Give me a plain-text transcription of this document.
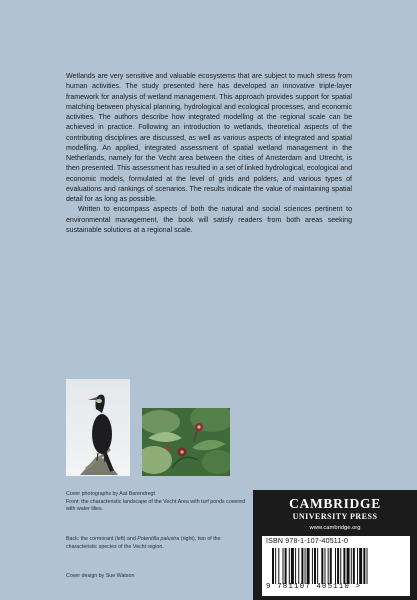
Wetlands are very sensitive and valuable ecosystems that are subject to much stress from human activities. The study presented here has developed an innovative triple-layer framework for analysis of wetland management. This approach provides support for spatial matching between physical planning, hydrological and ecological processes, and economic activities. The authors describe how integrated modelling at the regional scale can be achieved in practice. Following an introduction to wetlands, theoretical aspects of the contributing disciplines are discussed, as well as various aspects of integrated and spatial modelling. An applied, integrated assessment of spatial wetland management in the Netherlands, namely for the Vecht area between the cities of Amsterdam and Utrecht, is then presented. This assessment has resulted in a set of linked hydrological, ecological and economic models, formulated at the level of grids and polders, and various types of evaluations and rankings of scenarios. The results indicate the value of maintaining spatial detail for as long as possible.

Written to encompass aspects of both the natural and social sciences pertinent to environmental management, the book will satisfy readers from both areas seeking sustainable solutions at a regional scale.

Cover photographs by Aat Barendregt
Front: the characteristic landscape of the Vecht Area with turf ponds covered with water lilies.
Back: the cormorant (left) and Potentilla palustra (right), two of the characteristic species of the Vecht region.
Cover design by Sue Watson
CAMBRIDGE
UNIVERSITY PRESS
www.cambridge.org
ISBN 978-1-107-40511-0
9 781107 405110 >
